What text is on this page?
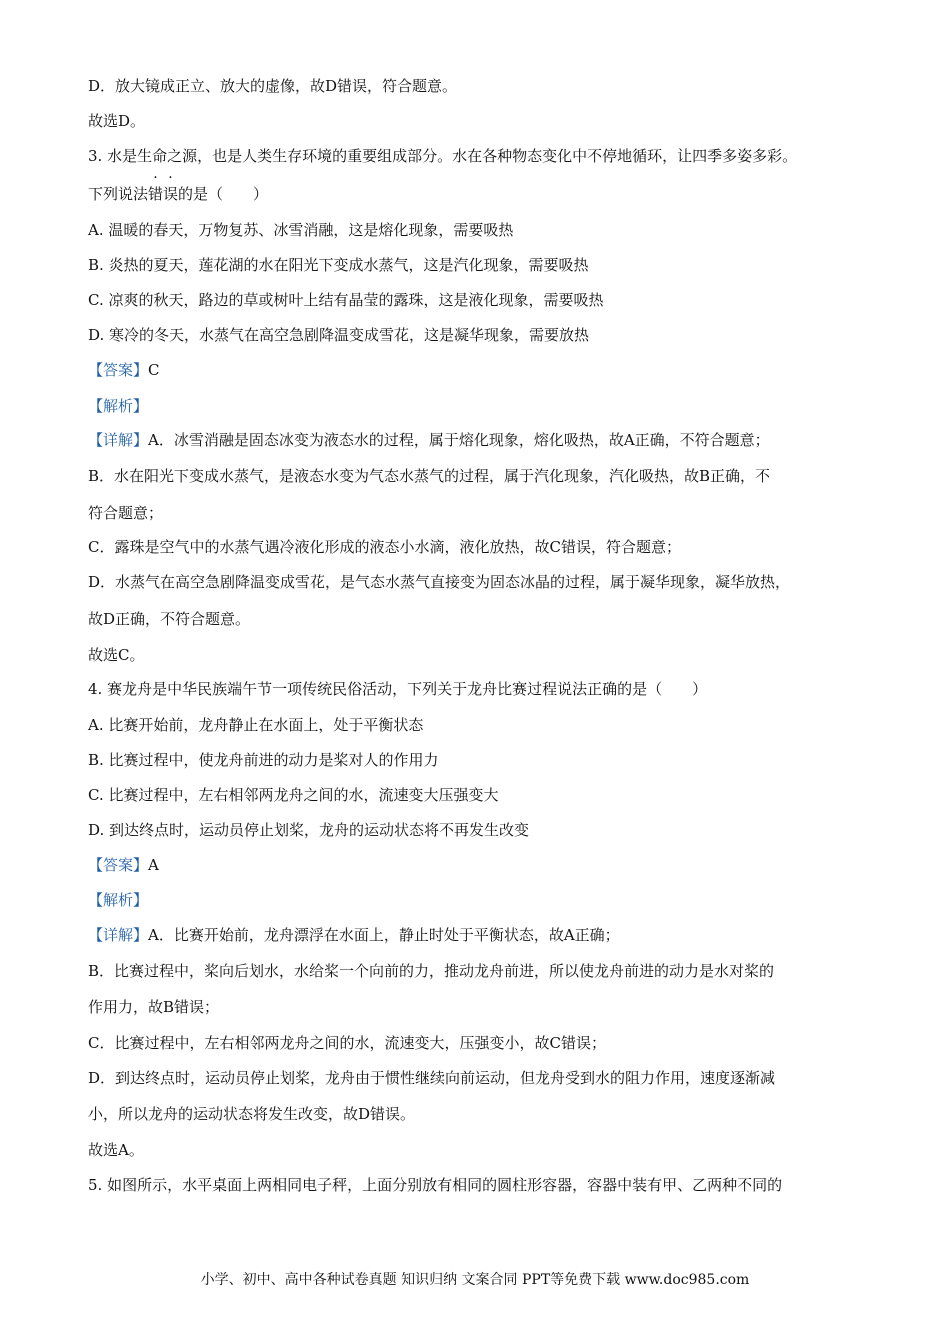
D．放大镜成正立、放大的虚像，故D错误，符合题意。
故选D。
3. 水是生命之源，也是人类生存环境的重要组成部分。水在各种物态变化中不停地循环，让四季多姿多彩。
下列说法错误的是（　　）
A. 温暖的春天，万物复苏、冰雪消融，这是熔化现象，需要吸热
B. 炎热的夏天，莲花湖的水在阳光下变成水蒸气，这是汽化现象，需要吸热
C. 凉爽的秋天，路边的草或树叶上结有晶莹的露珠，这是液化现象，需要吸热
D. 寒冷的冬天，水蒸气在高空急剧降温变成雪花，这是凝华现象，需要放热
【答案】C
【解析】
【详解】A．冰雪消融是固态冰变为液态水的过程，属于熔化现象，熔化吸热，故A正确，不符合题意；
B．水在阳光下变成水蒸气，是液态水变为气态水蒸气的过程，属于汽化现象，汽化吸热，故B正确，不
符合题意；
C．露珠是空气中的水蒸气遇冷液化形成的液态小水滴，液化放热，故C错误，符合题意；
D．水蒸气在高空急剧降温变成雪花，是气态水蒸气直接变为固态冰晶的过程，属于凝华现象，凝华放热，
故D正确，不符合题意。
故选C。
4. 赛龙舟是中华民族端午节一项传统民俗活动，下列关于龙舟比赛过程说法正确的是（　　）
A. 比赛开始前，龙舟静止在水面上，处于平衡状态
B. 比赛过程中，使龙舟前进的动力是桨对人的作用力
C. 比赛过程中，左右相邻两龙舟之间的水，流速变大压强变大
D. 到达终点时，运动员停止划桨，龙舟的运动状态将不再发生改变
【答案】A
【解析】
【详解】A．比赛开始前，龙舟漂浮在水面上，静止时处于平衡状态，故A正确；
B．比赛过程中，桨向后划水，水给桨一个向前的力，推动龙舟前进，所以使龙舟前进的动力是水对桨的
作用力，故B错误；
C．比赛过程中，左右相邻两龙舟之间的水，流速变大，压强变小，故C错误；
D．到达终点时，运动员停止划桨，龙舟由于惯性继续向前运动，但龙舟受到水的阻力作用，速度逐渐减
小，所以龙舟的运动状态将发生改变，故D错误。
故选A。
5. 如图所示，水平桌面上两相同电子秤，上面分别放有相同的圆柱形容器，容器中装有甲、乙两种不同的
小学、初中、高中各种试卷真题 知识归纳 文案合同 PPT等免费下载 www.doc985.com
